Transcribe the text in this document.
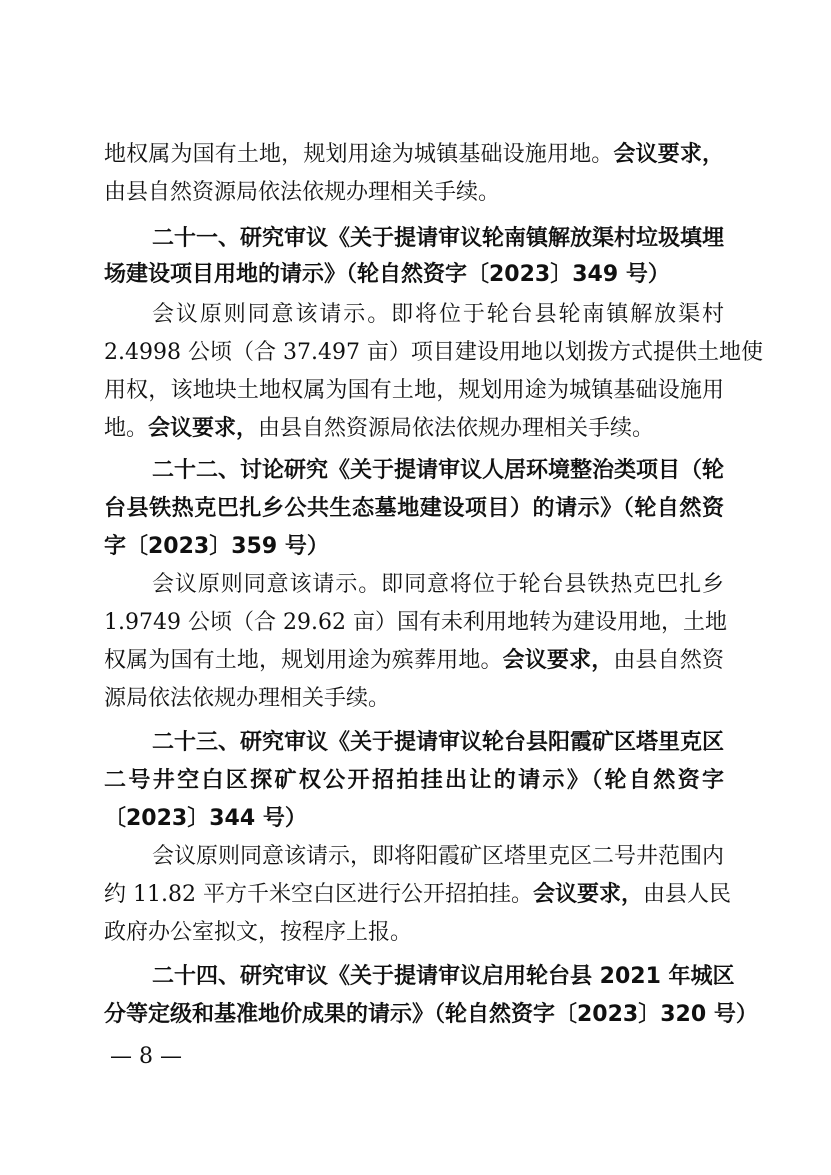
地权属为国有土地，规划用途为城镇基础设施用地。会议要求，
由县自然资源局依法依规办理相关手续。
二十一、研究审议《关于提请审议轮南镇解放渠村垃圾填埋
场建设项目用地的请示》（轮自然资字〔2023〕349 号）
会议原则同意该请示。即将位于轮台县轮南镇解放渠村
2.4998 公顷（合 37.497 亩）项目建设用地以划拨方式提供土地使
用权，该地块土地权属为国有土地，规划用途为城镇基础设施用
地。会议要求，由县自然资源局依法依规办理相关手续。
二十二、讨论研究《关于提请审议人居环境整治类项目（轮
台县铁热克巴扎乡公共生态墓地建设项目）的请示》（轮自然资
字〔2023〕359 号）
会议原则同意该请示。即同意将位于轮台县铁热克巴扎乡
1.9749 公顷（合 29.62 亩）国有未利用地转为建设用地，土地
权属为国有土地，规划用途为殡葬用地。会议要求，由县自然资
源局依法依规办理相关手续。
二十三、研究审议《关于提请审议轮台县阳霞矿区塔里克区
二号井空白区探矿权公开招拍挂出让的请示》（轮自然资字
〔2023〕344 号）
会议原则同意该请示，即将阳霞矿区塔里克区二号井范围内
约 11.82 平方千米空白区进行公开招拍挂。会议要求，由县人民
政府办公室拟文，按程序上报。
二十四、研究审议《关于提请审议启用轮台县 2021 年城区
分等定级和基准地价成果的请示》（轮自然资字〔2023〕320 号）
— 8 —
